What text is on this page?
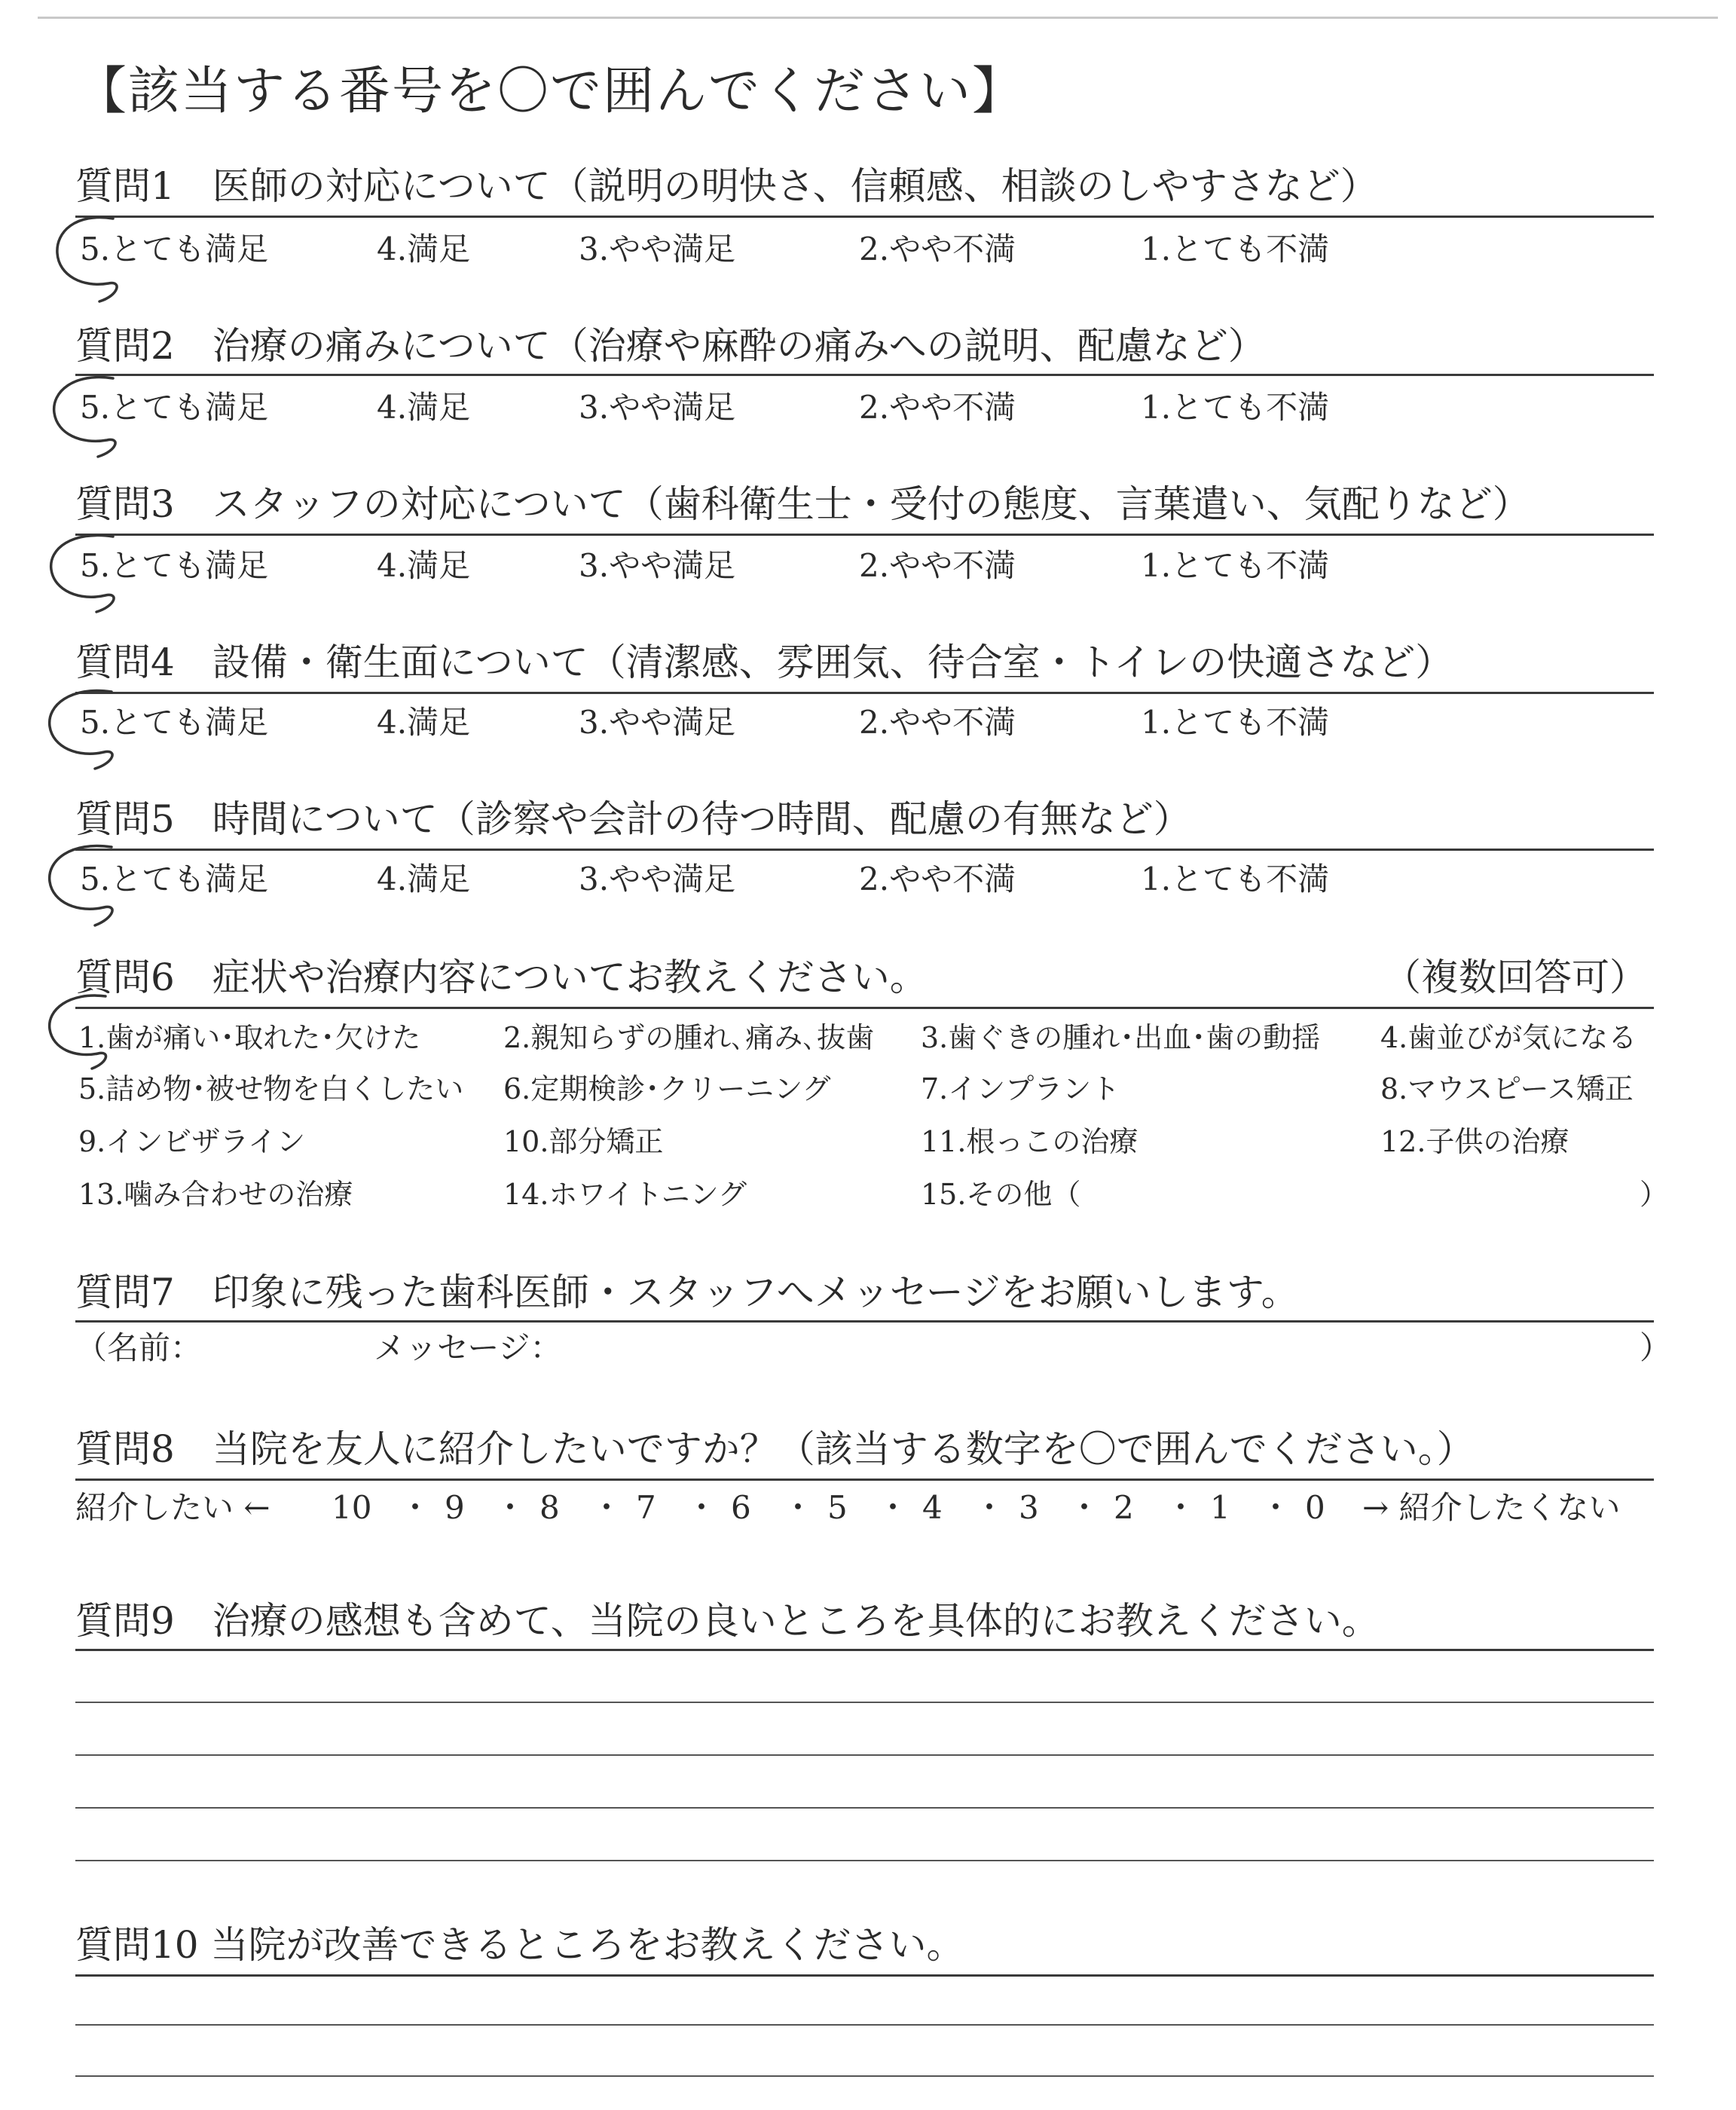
【該当する番号を〇で囲んでください】
質問1　医師の対応について（説明の明快さ、信頼感、相談のしやすさなど）
5.とても満足	4.満足	3.やや満足	2.やや不満	1.とても不満
質問2　治療の痛みについて（治療や麻酔の痛みへの説明、配慮など）
5.とても満足	4.満足	3.やや満足	2.やや不満	1.とても不満
質問3　スタッフの対応について（歯科衛生士・受付の態度、言葉遣い、気配りなど）
5.とても満足	4.満足	3.やや満足	2.やや不満	1.とても不満
質問4　設備・衛生面について（清潔感、雰囲気、待合室・トイレの快適さなど）
5.とても満足	4.満足	3.やや満足	2.やや不満	1.とても不満
質問5　時間について（診察や会計の待つ時間、配慮の有無など）
5.とても満足	4.満足	3.やや満足	2.やや不満	1.とても不満
質問6　症状や治療内容についてお教えください。	（複数回答可）
1.歯が痛い･取れた･欠けた	2.親知らずの腫れ､痛み､抜歯 3.歯ぐきの腫れ･出血･歯の動揺 4.歯並びが気になる
5.詰め物･被せ物を白くしたい 6.定期検診･クリーニング	7.インプラント	8.マウスピース矯正
9.インビザライン	10.部分矯正	11.根っこの治療	12.子供の治療
13.噛み合わせの治療	14.ホワイトニング	15.その他（	）
質問7　印象に残った歯科医師・スタッフへメッセージをお願いします。
（名前：	メッセージ：	）
質問8　当院を友人に紹介したいですか？（該当する数字を〇で囲んでください。）
紹介したい ←	→ 紹介したくない
10 ・ 9 ・ 8 ・ 7 ・ 6 ・ 5 ・ 4 ・ 3 ・ 2 ・ 1 ・ 0
質問9　治療の感想も含めて、当院の良いところを具体的にお教えください。
質問10 当院が改善できるところをお教えください。
